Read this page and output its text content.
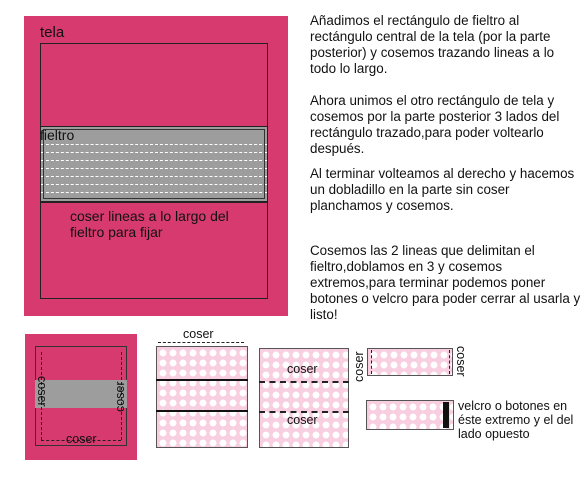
tela
fieltro
coser lineas a lo largo del fieltro para fijar
Añadimos el rectángulo de fieltro al rectángulo central de la tela (por la parte posterior) y cosemos trazando lineas a lo todo lo largo.
Ahora unimos el otro rectángulo de tela y cosemos por la parte posterior 3 lados del rectángulo trazado,para poder voltearlo después.
Al terminar volteamos al derecho y hacemos un dobladillo en la parte sin coser planchamos y cosemos.
Cosemos las 2 lineas que delimitan el fieltro,doblamos en 3 y cosemos extremos,para terminar podemos poner botones o velcro para poder cerrar al usarla y listo!
coser	coser
coser
coser
coser
coser
coser	coser
velcro o botones en éste extremo y el del lado opuesto
